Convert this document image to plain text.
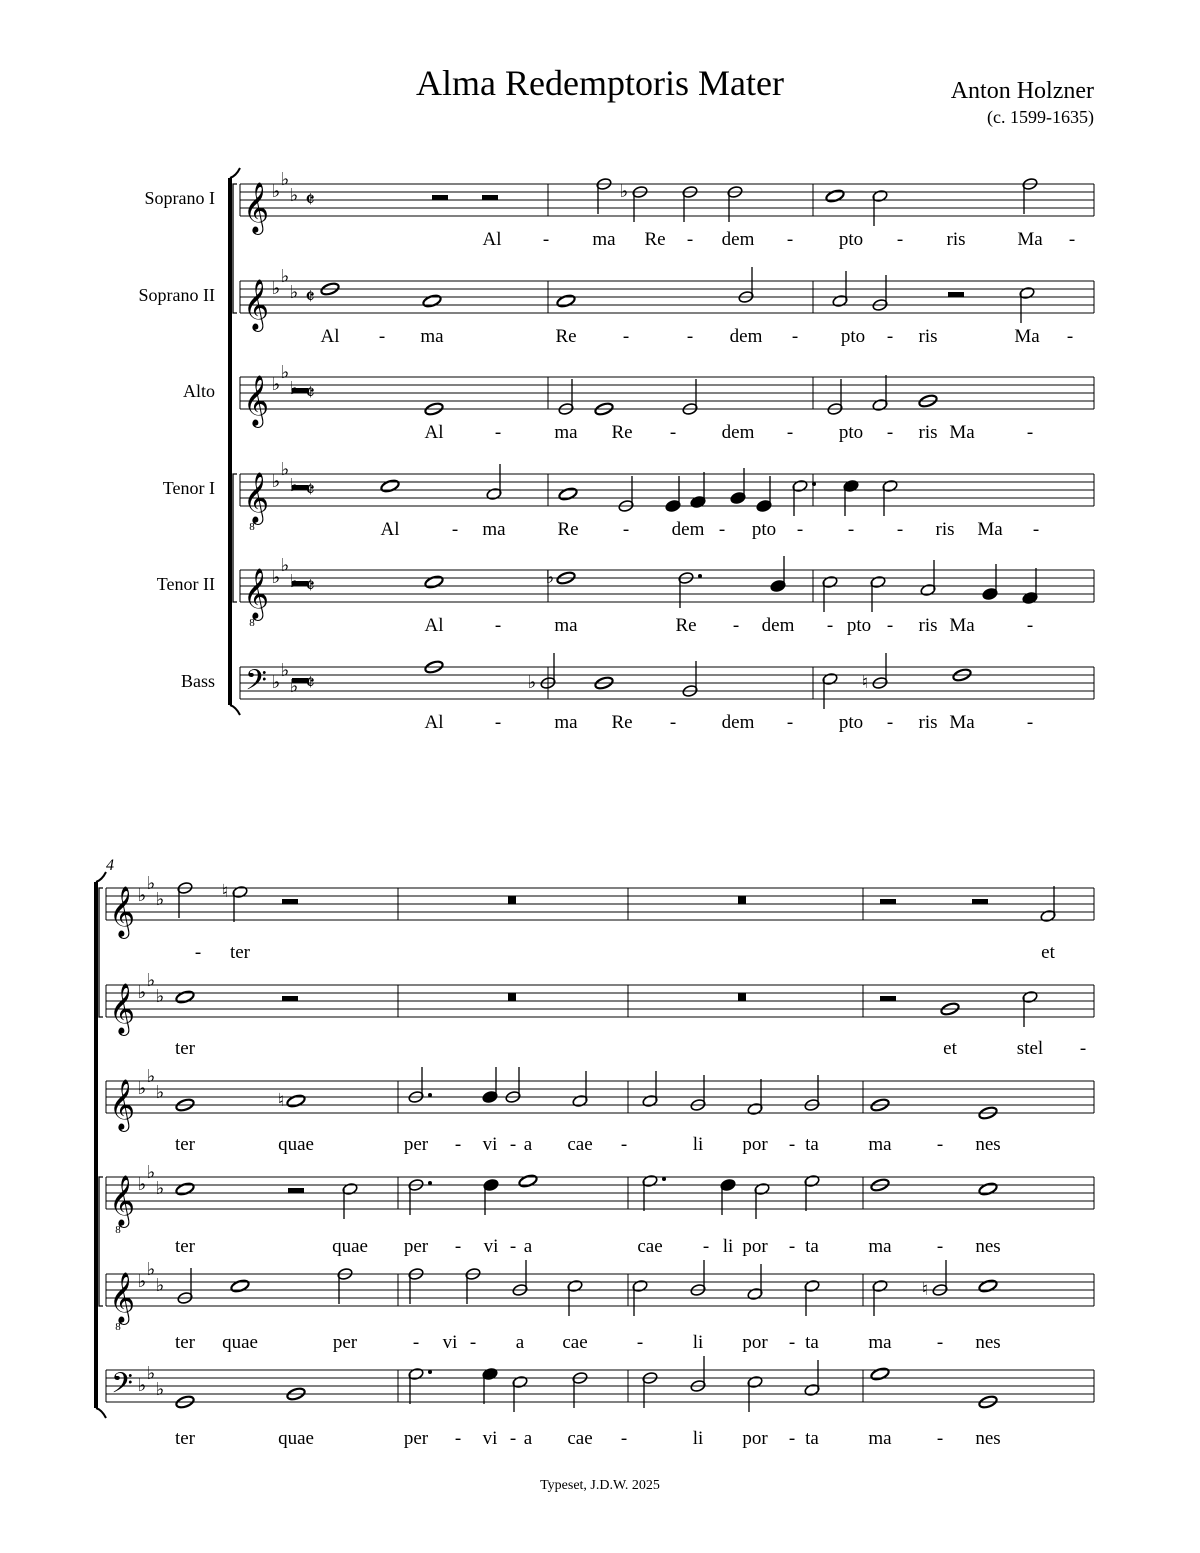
Alma Redemptoris Mater	Anton Holzner
(c. 1599-1635)
𝄞 ♭
♭
♭ 𝄵
Soprano I	♭
𝄞 ♭
♭
♭ 𝄵
Soprano II
𝄞 ♭
♭
♭ 𝄵
Alto
𝄞
8
♭
♭
♭ 𝄵
Tenor I
𝄞
8
♭
♭
♭ 𝄵
Tenor II	♭
𝄢 ♭
♭
♭ 𝄵
Bass	♭	♮
Al - ma Re - dem - pto - ris	Ma -
Al - ma	Re -	- dem - pto - ris	Ma -
Al	-	ma Re - dem - pto - ris Ma	-
Al	- ma	Re - dem - pto - - - ris Ma -
Al	-	ma	Re - dem - pto - ris Ma	-
Al	-	ma Re - dem - pto - ris Ma	-
𝄞 ♭
♭
♭	♮
𝄞 ♭
♭
♭
𝄞 ♭
♭
♭	♮
𝄞
8
♭
♭
♭
𝄞
8
♭
♭
♭	♮
𝄢 ♭
♭
♭
4
- ter	et
ter	et	stel -
ter	quae	per - vi - a cae -	li por - ta	ma - nes
ter	quae per - vi - a	cae - li por - ta	ma - nes
ter quae	per	- vi - a cae	-	li por - ta	ma - nes
ter	quae	per - vi - a cae -	li por - ta	ma - nes
Typeset, J.D.W. 2025
